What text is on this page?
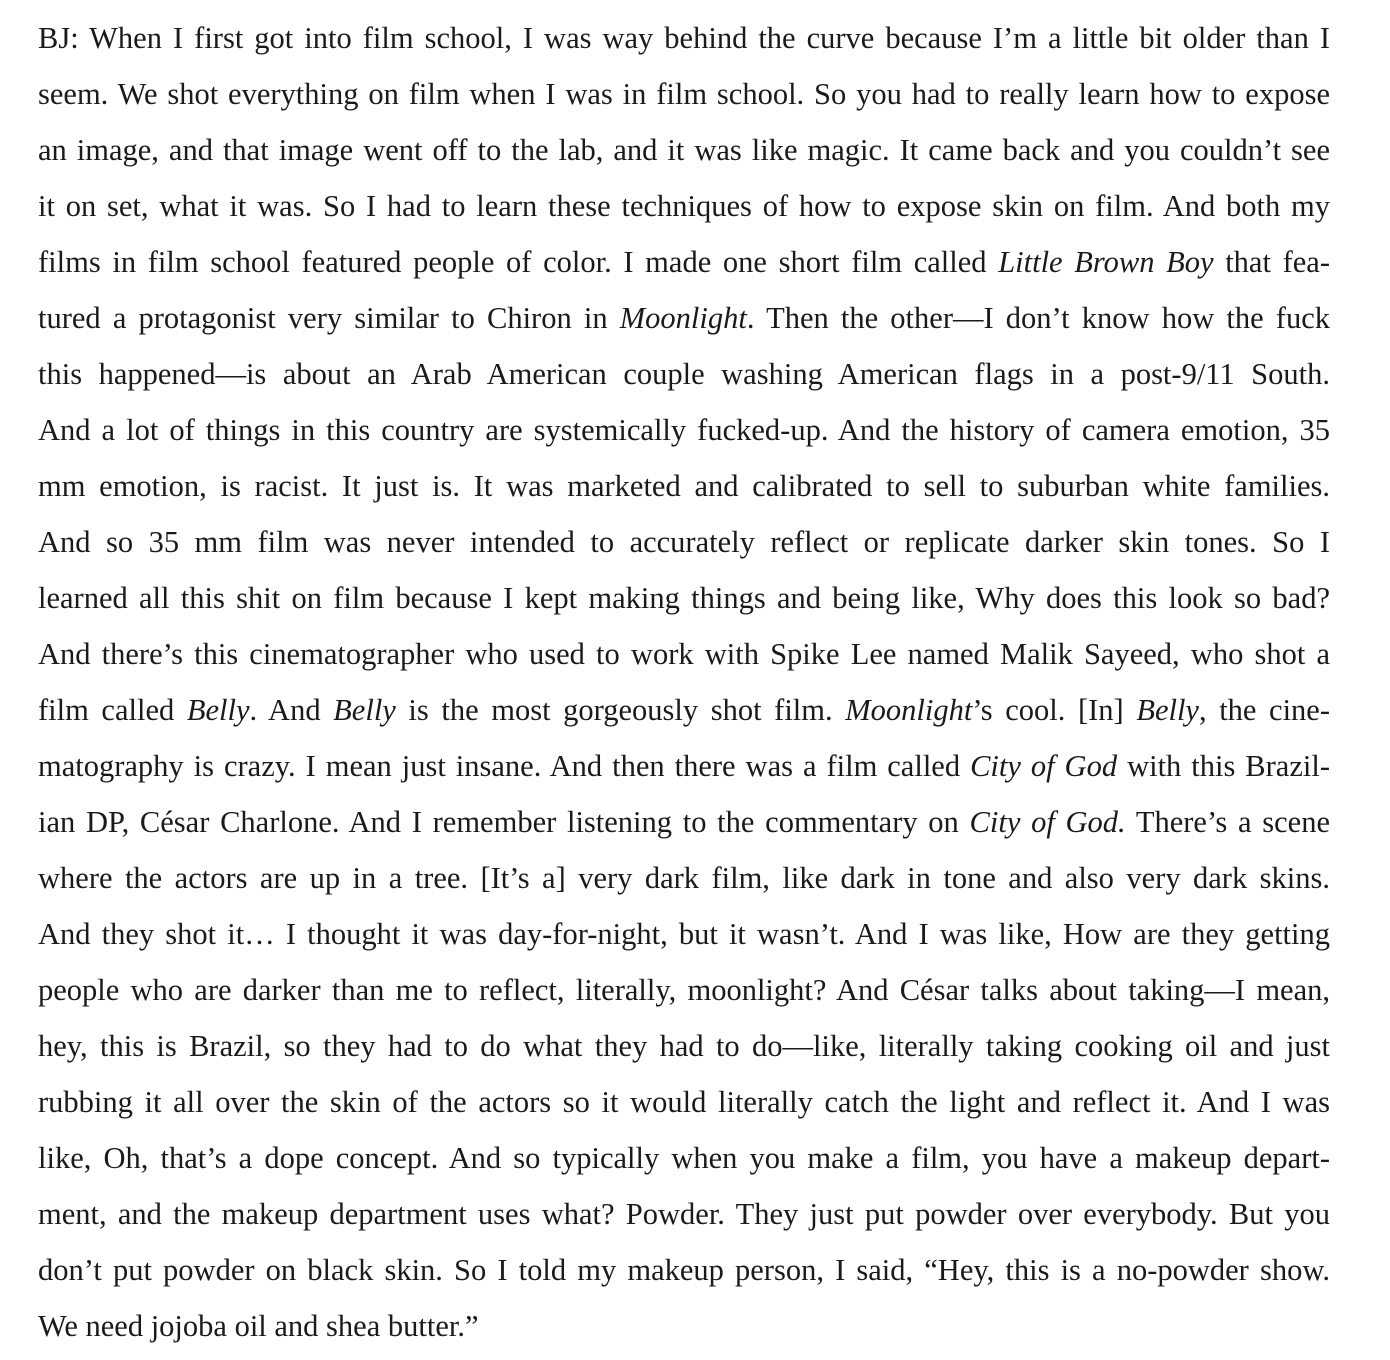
BJ: When I first got into film school, I was way behind the curve because I’m a little bit older than I
seem. We shot everything on film when I was in film school. So you had to really learn how to expose
an image, and that image went off to the lab, and it was like magic. It came back and you couldn’t see
it on set, what it was. So I had to learn these techniques of how to expose skin on film. And both my
films in film school featured people of color. I made one short film called Little Brown Boy that fea-
tured a protagonist very similar to Chiron in Moonlight. Then the other—I don’t know how the fuck
this happened—is about an Arab American couple washing American flags in a post-9/11 South.
And a lot of things in this country are systemically fucked-up. And the history of camera emotion, 35
mm emotion, is racist. It just is. It was marketed and calibrated to sell to suburban white families.
And so 35 mm film was never intended to accurately reflect or replicate darker skin tones. So I
learned all this shit on film because I kept making things and being like, Why does this look so bad?
And there’s this cinematographer who used to work with Spike Lee named Malik Sayeed, who shot a
film called Belly. And Belly is the most gorgeously shot film. Moonlight’s cool. [In] Belly, the cine-
matography is crazy. I mean just insane. And then there was a film called City of God with this Brazil-
ian DP, César Charlone. And I remember listening to the commentary on City of God. There’s a scene
where the actors are up in a tree. [It’s a] very dark film, like dark in tone and also very dark skins.
And they shot it… I thought it was day-for-night, but it wasn’t. And I was like, How are they getting
people who are darker than me to reflect, literally, moonlight? And César talks about taking—I mean,
hey, this is Brazil, so they had to do what they had to do—like, literally taking cooking oil and just
rubbing it all over the skin of the actors so it would literally catch the light and reflect it. And I was
like, Oh, that’s a dope concept. And so typically when you make a film, you have a makeup depart-
ment, and the makeup department uses what? Powder. They just put powder over everybody. But you
don’t put powder on black skin. So I told my makeup person, I said, “Hey, this is a no-powder show.
We need jojoba oil and shea butter.”
